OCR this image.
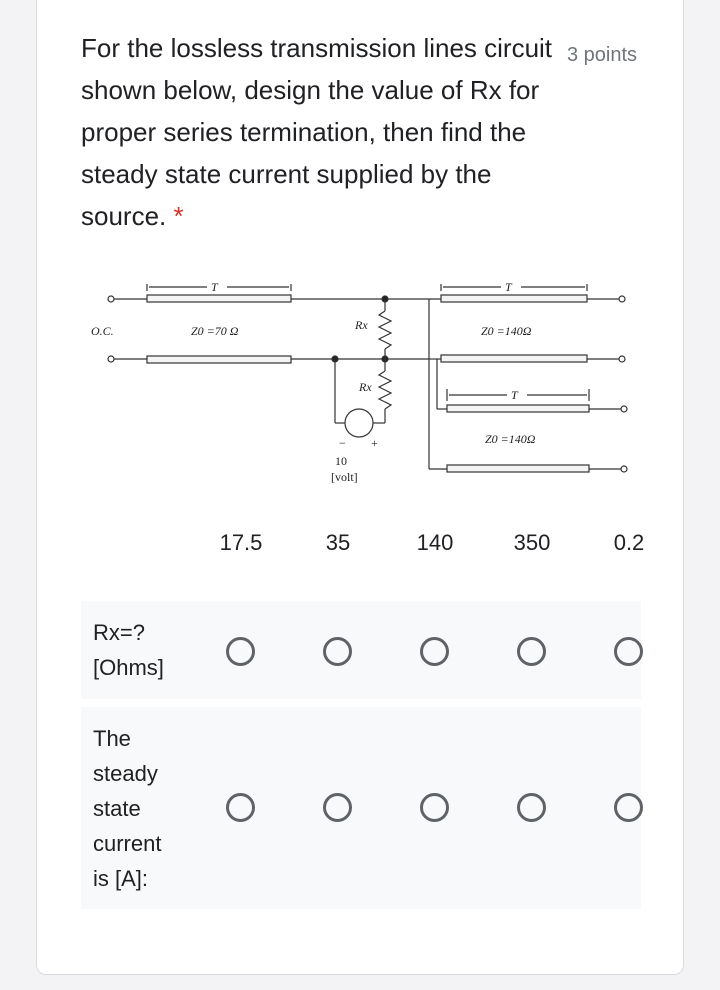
For the lossless transmission lines circuit shown below, design the value of Rx for proper series termination, then find the steady state current supplied by the source. *
3 points
O.C.	Z0 =70 Ω	Rx
Rx
Z0 =140Ω
Z0 =140Ω
T	T
T
− +
10
[volt]
17.5	35	140	350	0.2
Rx=? [Ohms]
The steady state current is [A]:
